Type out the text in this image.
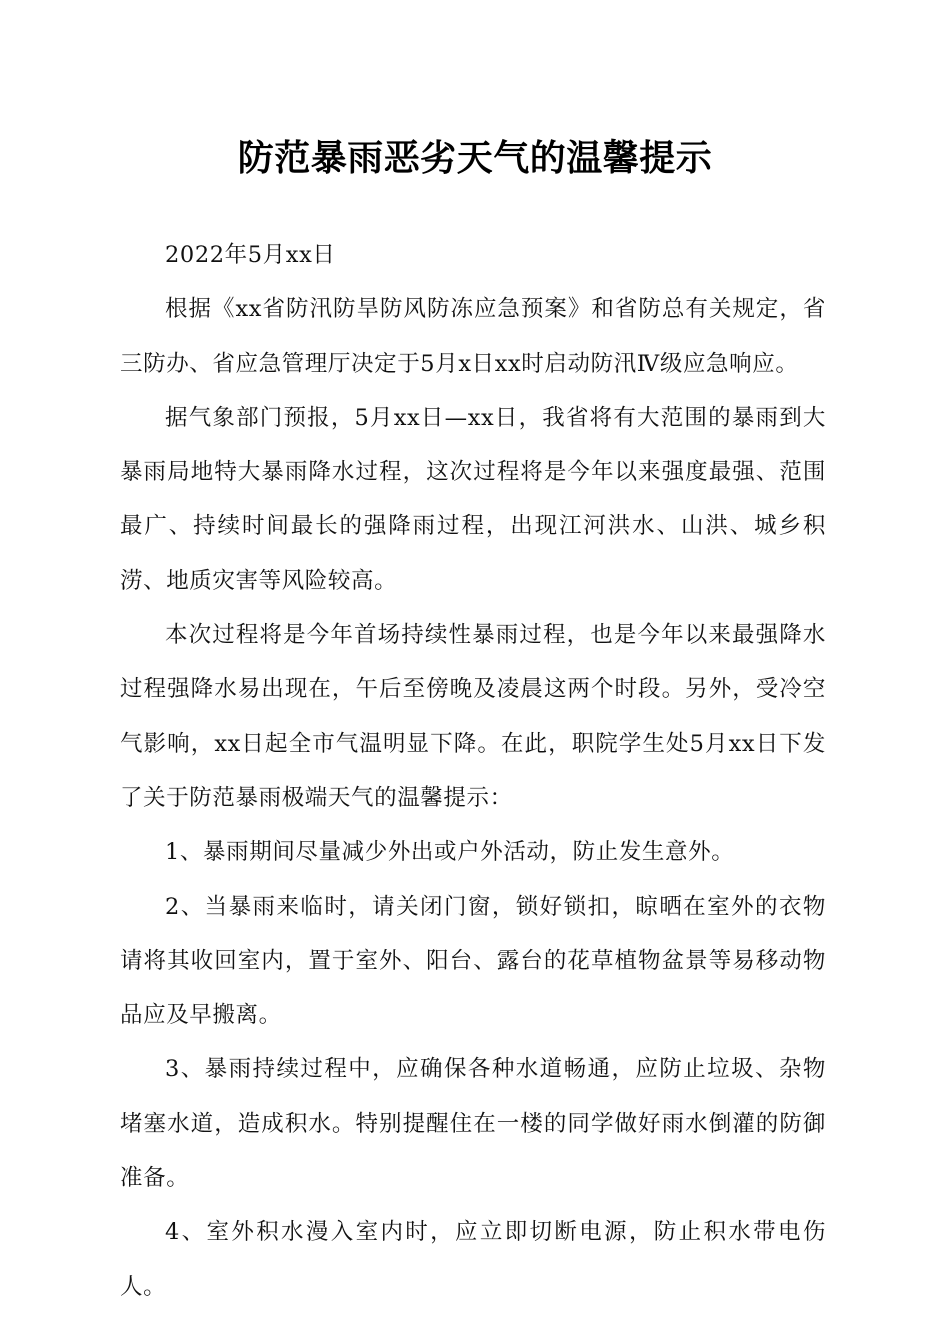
防范暴雨恶劣天气的温馨提示

2022年5月xx日

根据《xx省防汛防旱防风防冻应急预案》和省防总有关规定，省三防办、省应急管理厅决定于5月x日xx时启动防汛Ⅳ级应急响应。

据气象部门预报，5月xx日—xx日，我省将有大范围的暴雨到大暴雨局地特大暴雨降水过程，这次过程将是今年以来强度最强、范围最广、持续时间最长的强降雨过程，出现江河洪水、山洪、城乡积涝、地质灾害等风险较高。

本次过程将是今年首场持续性暴雨过程，也是今年以来最强降水过程强降水易出现在，午后至傍晚及凌晨这两个时段。另外，受冷空气影响，xx日起全市气温明显下降。在此，职院学生处5月xx日下发了关于防范暴雨极端天气的温馨提示：

1、暴雨期间尽量减少外出或户外活动，防止发生意外。

2、当暴雨来临时，请关闭门窗，锁好锁扣，晾晒在室外的衣物请将其收回室内，置于室外、阳台、露台的花草植物盆景等易移动物品应及早搬离。

3、暴雨持续过程中，应确保各种水道畅通，应防止垃圾、杂物堵塞水道，造成积水。特别提醒住在一楼的同学做好雨水倒灌的防御准备。

4、室外积水漫入室内时，应立即切断电源，防止积水带电伤人。
